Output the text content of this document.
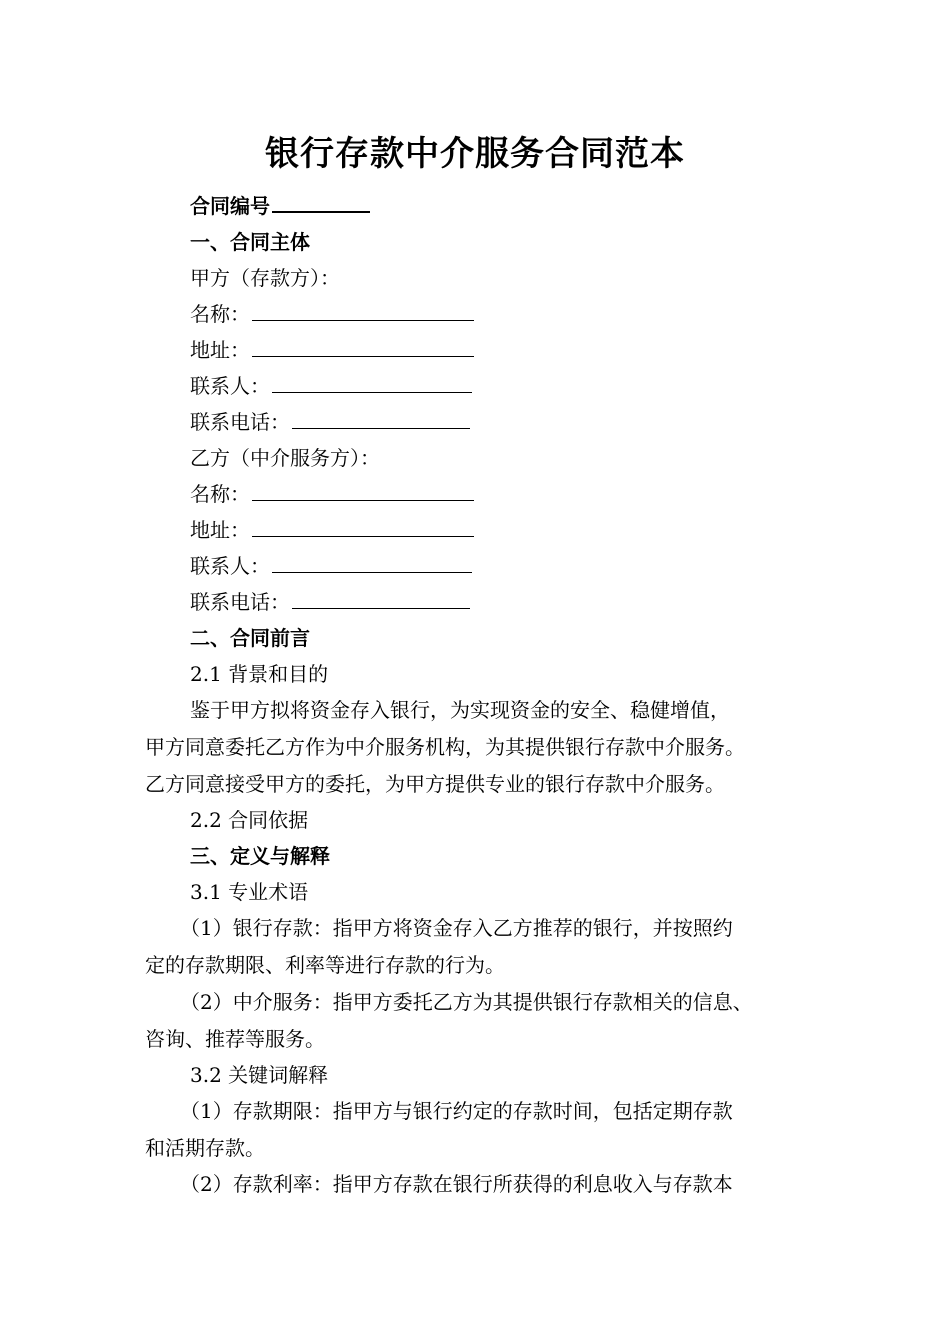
银行存款中介服务合同范本
合同编号
一、合同主体
甲方（存款方）：
名称：
地址：
联系人：
联系电话：
乙方（中介服务方）：
名称：
地址：
联系人：
联系电话：
二、合同前言
2.1 背景和目的
鉴于甲方拟将资金存入银行，为实现资金的安全、稳健增值，
甲方同意委托乙方作为中介服务机构，为其提供银行存款中介服务。
乙方同意接受甲方的委托，为甲方提供专业的银行存款中介服务。
2.2 合同依据
三、定义与解释
3.1 专业术语
（1）银行存款：指甲方将资金存入乙方推荐的银行，并按照约
定的存款期限、利率等进行存款的行为。
（2）中介服务：指甲方委托乙方为其提供银行存款相关的信息、
咨询、推荐等服务。
3.2 关键词解释
（1）存款期限：指甲方与银行约定的存款时间，包括定期存款
和活期存款。
（2）存款利率：指甲方存款在银行所获得的利息收入与存款本
